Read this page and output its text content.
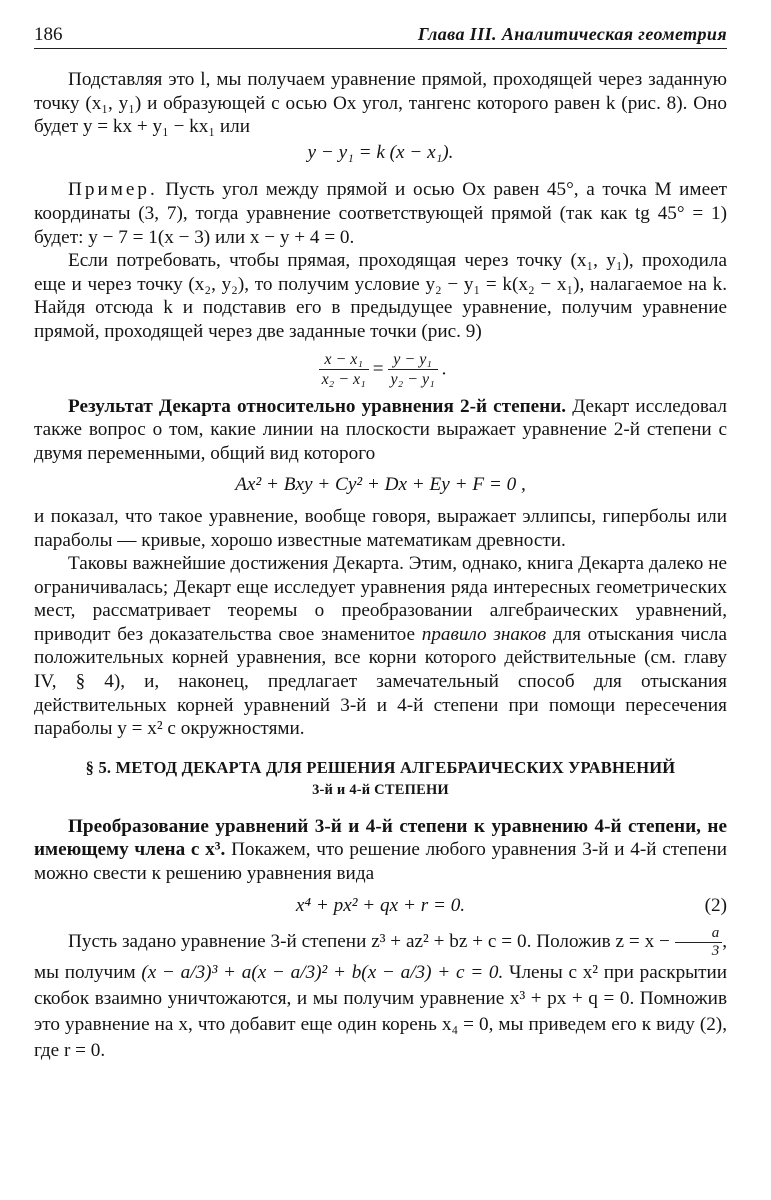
186	Глава III. Аналитическая геометрия

Подставляя это l, мы получаем уравнение прямой, проходящей через заданную точку (x₁, y₁) и образующей с осью Ox угол, тангенс которого равен k (рис. 8). Оно будет y = kx + y₁ − kx₁ или

y − y₁ = k (x − x₁).

Пример. Пусть угол между прямой и осью Ox равен 45°, а точка M имеет координаты (3, 7), тогда уравнение соответствующей прямой (так как tg 45° = 1) будет: y − 7 = 1(x − 3) или x − y + 4 = 0.

Если потребовать, чтобы прямая, проходящая через точку (x₁, y₁), проходила еще и через точку (x₂, y₂), то получим условие y₂ − y₁ = k(x₂ − x₁), налагаемое на k. Найдя отсюда k и подставив его в предыдущее уравнение, получим уравнение прямой, проходящей через две заданные точки (рис. 9)

$\frac{\text{x − x₁}}{\text{x₂ − x₁}} = \frac{\text{y − y₁}}{\text{y₂ − y₁}}$ .

Результат Декарта относительно уравнения 2-й степени. Декарт исследовал также вопрос о том, какие линии на плоскости выражает уравнение 2-й степени с двумя переменными, общий вид которого

Ax² + Bxy + Cy² + Dx + Ey + F = 0 ,

и показал, что такое уравнение, вообще говоря, выражает эллипсы, гиперболы или параболы — кривые, хорошо известные математикам древности.

Таковы важнейшие достижения Декарта. Этим, однако, книга Декарта далеко не ограничивалась; Декарт еще исследует уравнения ряда интересных геометрических мест, рассматривает теоремы о преобразовании алгебраических уравнений, приводит без доказательства свое знаменитое правило знаков для отыскания числа положительных корней уравнения, все корни которого действительные (см. главу IV, § 4), и, наконец, предлагает замечательный способ для отыскания действительных корней уравнений 3-й и 4-й степени при помощи пересечения параболы y = x² с окружностями.

§ 5. МЕТОД ДЕКАРТА ДЛЯ РЕШЕНИЯ АЛГЕБРАИЧЕСКИХ УРАВНЕНИЙ
3-й и 4-й СТЕПЕНИ

Преобразование уравнений 3-й и 4-й степени к уравнению 4-й степени, не имеющему члена с x³. Покажем, что решение любого уравнения 3-й и 4-й степени можно свести к решению уравнения вида

x⁴ + px² + qx + r = 0.	(2)

Пусть задано уравнение 3-й степени z³ + az² + bz + c = 0. Положив $z = x - \frac{a}{3}$ , мы получим (x − a/3)³ + a(x − a/3)² + b(x − a/3) + c = 0. Члены с x² при раскрытии скобок взаимно уничтожаются, и мы получим уравнение x³ + px + q = 0. Помножив это уравнение на x, что добавит еще один корень x₄ = 0, мы приведем его к виду (2), где r = 0.
